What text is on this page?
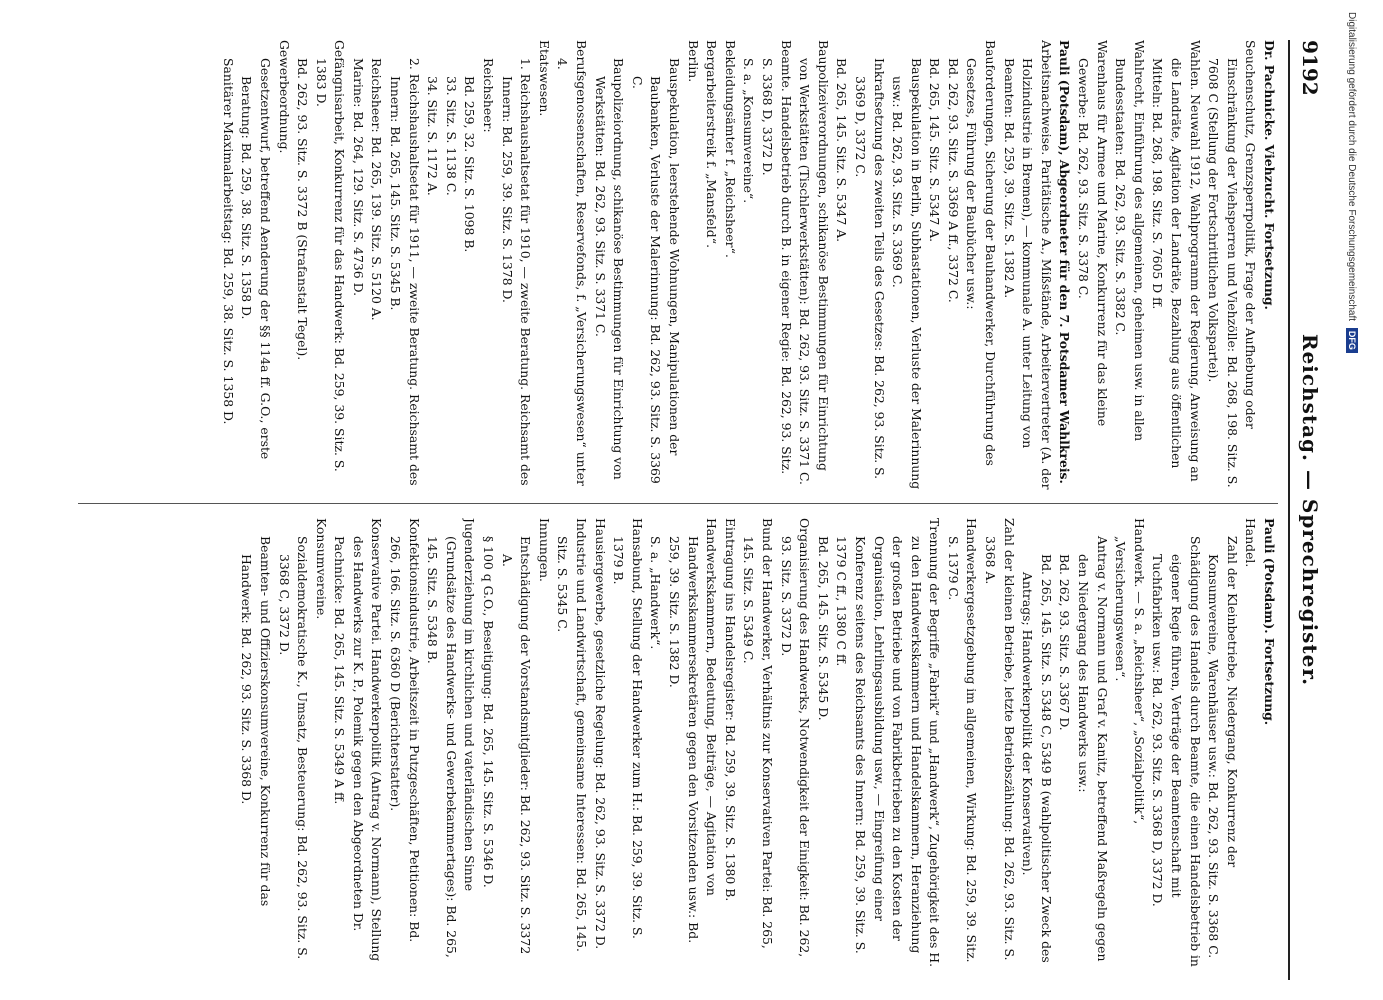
9192
Reichstag. — Sprechregister.

Dr. Pachnicke. Viehzucht. Fortsetzung.

Seuchenschutz, Grenzsperrpolitik, Frage der Aufhebung oder Einschränkung der Viehsperren und Viehzölle: Bd. 268, 198. Sitz. S. 7608 C (Stellung der Fortschrittlichen Volkspartei).

Wahlen. Neuwahl 1912, Wahlprogramm der Regierung, Anweisung an die Landräte, Agitation der Landräte, Bezahlung aus öffentlichen Mitteln: Bd. 268, 198. Sitz. S. 7605 D ff.

Wahlrecht, Einführung des allgemeinen, geheimen usw. in allen Bundesstaaten: Bd. 262, 93. Sitz. S. 3382 C.

Warenhaus für Armee und Marine, Konkurrenz für das kleine Gewerbe: Bd. 262, 93. Sitz. S. 3378 C.

Pauli (Potsdam), Abgeordneter für den 7. Potsdamer Wahlkreis.

Arbeitsnachweise. Paritätische A., Mißstände, Arbeitervertreter (A. der Holzindustrie in Bremen), — kommunale A. unter Leitung von Beamten: Bd. 259, 39. Sitz. S. 1382 A.

Bauforderungen, Sicherung der Bauhandwerker, Durchführung des Gesetzes, Führung der Baubücher usw.:

Bd. 262, 93. Sitz. S. 3369 A ff., 3372 C.

Bd. 265, 145. Sitz. S. 5347 A.

Bauspekulation in Berlin, Subhastationen, Verluste der Malerinnung usw.: Bd. 262, 93. Sitz. S. 3369 C.

Inkraftsetzung des zweiten Teils des Gesetzes: Bd. 262, 93. Sitz. S. 3369 D, 3372 C.

Bd. 265, 145. Sitz. S. 5347 A.

Baupolizeiverordnungen, schikanöse Bestimmungen für Einrichtung von Werkstätten (Tischlerwerkstätten): Bd. 262, 93. Sitz. S. 3371 C.

Beamte. Handelsbetrieb durch B. in eigener Regie: Bd. 262, 93. Sitz. S. 3368 D, 3372 D.

S. a. „Konsumvereine“.

Bekleidungsämter f. „Reichsheer“.

Bergarbeiterstreik f. „Mansfeld“.

Berlin.

Bauspekulation, leerstehende Wohnungen, Manipulationen der Baubanken, Verluste der Malerinnung: Bd. 262, 93. Sitz. S. 3369 C.

Baupolizeiordnung, schikanöse Bestimmungen für Einrichtung von Werkstätten: Bd. 262, 93. Sitz. S. 3371 C.

Berufsgenossenschaften, Reservefonds, f. „Versicherungswesen“ unter 4.

Etatswesen.

1. Reichshaushaltsetat für 1910, — zweite Beratung. Reichsamt des Innern: Bd. 259, 39. Sitz. S. 1378 D.

Reichsheer:

Bd. 259, 32. Sitz. S. 1098 B.

33. Sitz. S. 1138 C.

34. Sitz. S. 1172 A.

2. Reichshaushaltsetat für 1911, — zweite Beratung. Reichsamt des Innern: Bd. 265, 145. Sitz. S. 5345 B.

Reichsheer: Bd. 265, 139. Sitz. S. 5120 A.

Marine: Bd. 264, 129. Sitz. S. 4736 D.

Gefängnisarbeit, Konkurrenz für das Handwerk: Bd. 259, 39. Sitz. S. 1383 D.

Bd. 262, 93. Sitz. S. 3372 B (Strafanstalt Tegel).

Gewerbeordnung.

Gesetzentwurf, betreffend Aenderung der §§ 114a ff. G.O., erste Beratung: Bd. 259, 38. Sitz. S. 1358 D.

Sanitärer Maximalarbeitstag: Bd. 259, 38. Sitz. S. 1358 D.

Pauli (Potsdam). Fortsetzung.

Handel.

Zahl der Kleinbetriebe, Niedergang, Konkurrenz der Konsumvereine, Warenhäuser usw.: Bd. 262, 93. Sitz. S. 3368 C.

Schädigung des Handels durch Beamte, die einen Handelsbetrieb in eigener Regie führen, Verträge der Beamtenschaft mit Tuchfabriken usw.: Bd. 262, 93. Sitz. S. 3368 D, 3372 D.

Handwerk. — S. a. „Reichsheer“, „Sozialpolitik“, „Versicherungswesen“.

Antrag v. Normann und Graf v. Kanitz, betreffend Maßregeln gegen den Niedergang des Handwerks usw.:

Bd. 262, 93. Sitz. S. 3367 D.

Bd. 265, 145. Sitz. S. 5348 C, 5349 B (wahlpolitischer Zweck des Antrags; Handwerkerpolitik der Konservativen).

Zahl der kleinen Betriebe, letzte Betriebszählung: Bd. 262, 93. Sitz. S. 3368 A.

Handwerkergesetzgebung im allgemeinen, Wirkung: Bd. 259, 39. Sitz. S. 1379 C.

Trennung der Begriffe „Fabrik“ und „Handwerk“, Zugehörigkeit des H. zu den Handwerkskammern und Handelskammern, Heranziehung der großen Betriebe und von Fabrikbetrieben zu den Kosten der Organisation, Lehrlingsausbildung usw., — Eingreifung einer Konferenz seitens des Reichsamts des Innern: Bd. 259, 39. Sitz. S. 1379 C ff., 1380 C ff.

Bd. 265, 145. Sitz. S. 5345 D.

Organisierung des Handwerks, Notwendigkeit der Einigkeit: Bd. 262, 93. Sitz. S. 3372 D.

Bund der Handwerker, Verhältnis zur Konservativen Partei: Bd. 265, 145. Sitz. S. 5349 C.

Eintragung ins Handelsregister: Bd. 259, 39. Sitz. S. 1380 B.

Handwerkskammern, Bedeutung, Beiträge, — Agitation von Handwerkskammersekretären gegen den Vorsitzenden usw.: Bd. 259, 39. Sitz. S. 1382 D.

S. a. „Handwerk“.

Hansabund, Stellung der Handwerker zum H.: Bd. 259, 39. Sitz. S. 1379 B.

Hausiergewerbe, gesetzliche Regelung: Bd. 262, 93. Sitz. S. 3372 D.

Industrie und Landwirtschaft, gemeinsame Interessen: Bd. 265, 145. Sitz. S. 5345 C.

Innungen.

Entschädigung der Vorstandsmitglieder: Bd. 262, 93. Sitz. S. 3372 A.

§ 100 q G.O., Beseitigung: Bd. 265, 145. Sitz. S. 5346 D.

Jugenderziehung im kirchlichen und vaterländischen Sinne (Grundsätze des Handwerks- und Gewerbekammertages): Bd. 265, 145. Sitz. S. 5348 B.

Konfektionsindustrie, Arbeitszeit in Putzgeschäften, Petitionen: Bd. 266, 166. Sitz. S. 6360 D (Berichterstatter).

Konservative Partei. Handwerkerpolitik (Antrag v. Normann), Stellung des Handwerks zur K. P., Polemik gegen den Abgeordneten Dr. Pachnicke: Bd. 265, 145. Sitz. S. 5349 A ff.

Konsumvereine.

Sozialdemokratische K., Umsatz, Besteuerung: Bd. 262, 93. Sitz. S. 3368 C, 3372 D.

Beamten- und Offizierskonsumvereine, Konkurrenz für das Handwerk: Bd. 262, 93. Sitz. S. 3368 D.

Digitalisierung gefördert durch die Deutsche Forschungsgemeinschaft DFG
